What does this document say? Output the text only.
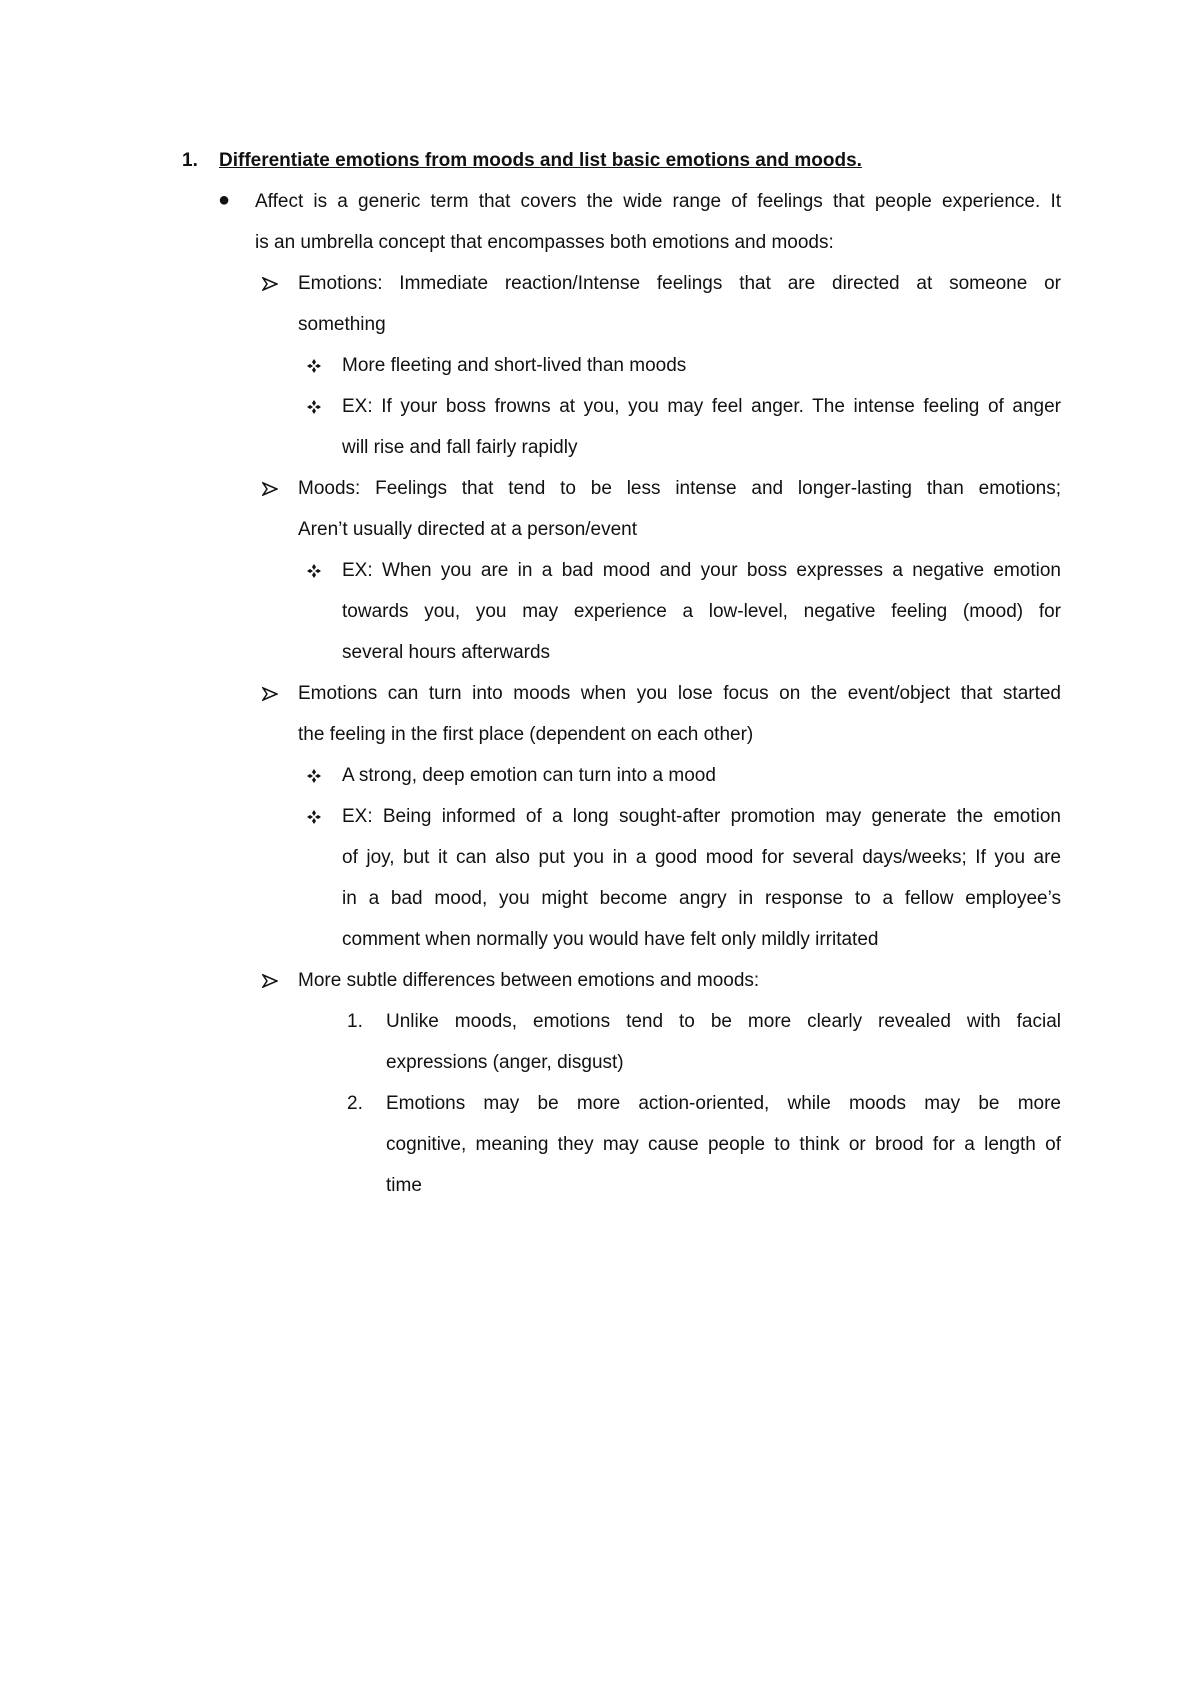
1. Differentiate emotions from moods and list basic emotions and moods.
● Affect is a generic term that covers the wide range of feelings that people experience. It
is an umbrella concept that encompasses both emotions and moods:
Emotions: Immediate reaction/Intense feelings that are directed at someone or
something
More fleeting and short-lived than moods
EX: If your boss frowns at you, you may feel anger. The intense feeling of anger
will rise and fall fairly rapidly
Moods: Feelings that tend to be less intense and longer-lasting than emotions;
Aren’t usually directed at a person/event
EX: When you are in a bad mood and your boss expresses a negative emotion
towards you, you may experience a low-level, negative feeling (mood) for
several hours afterwards
Emotions can turn into moods when you lose focus on the event/object that started
the feeling in the first place (dependent on each other)
A strong, deep emotion can turn into a mood
EX: Being informed of a long sought-after promotion may generate the emotion
of joy, but it can also put you in a good mood for several days/weeks; If you are
in a bad mood, you might become angry in response to a fellow employee’s
comment when normally you would have felt only mildly irritated
More subtle differences between emotions and moods:
1. Unlike moods, emotions tend to be more clearly revealed with facial
expressions (anger, disgust)
2. Emotions may be more action-oriented, while moods may be more
cognitive, meaning they may cause people to think or brood for a length of
time
